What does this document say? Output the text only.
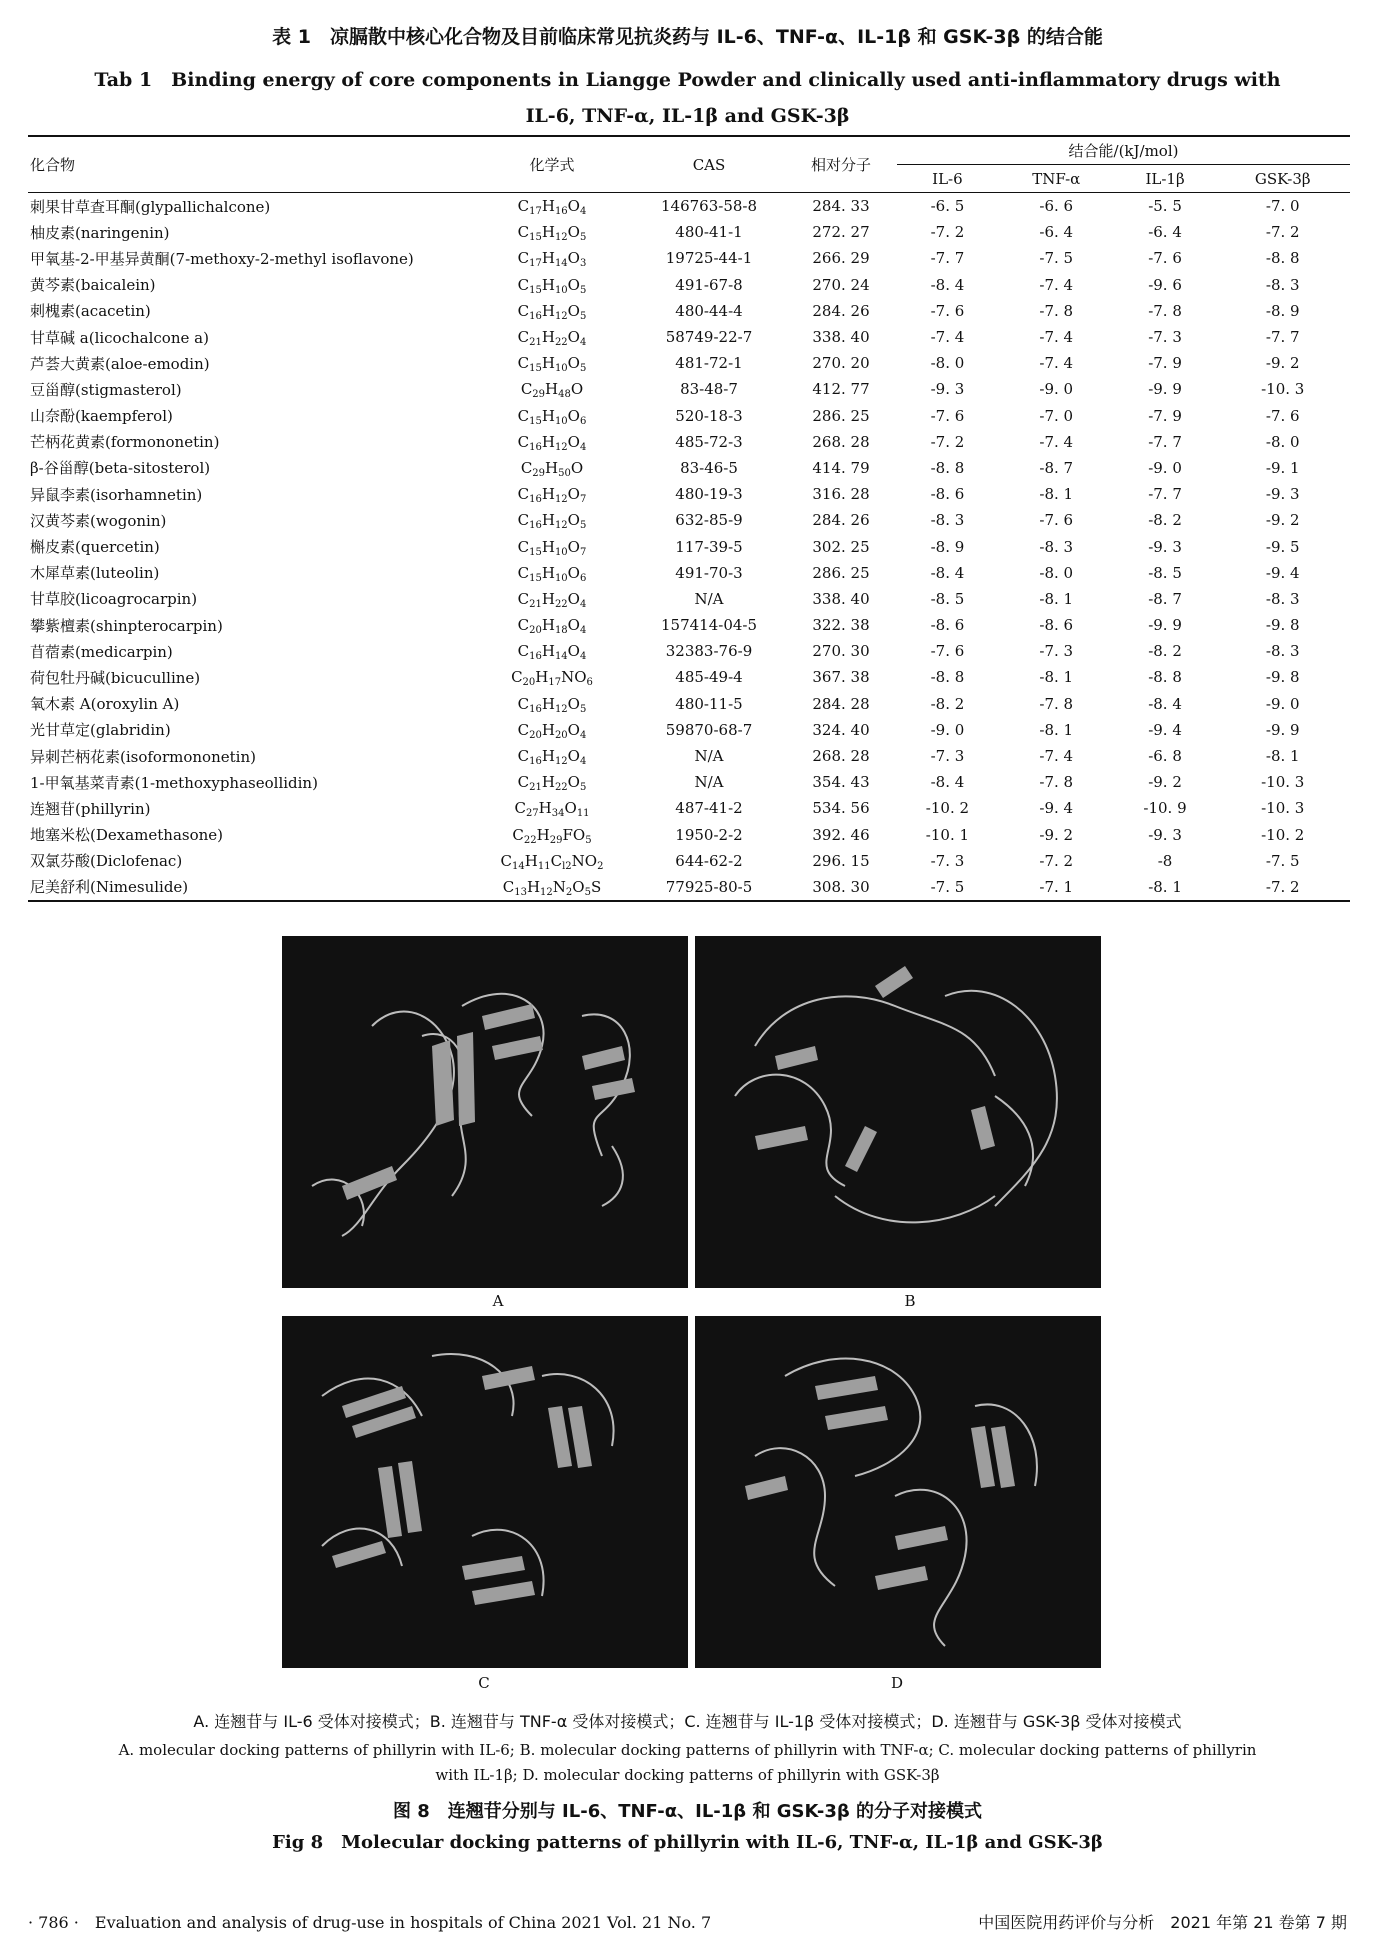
表 1　凉膈散中核心化合物及目前临床常见抗炎药与 IL-6、TNF-α、IL-1β 和 GSK-3β 的结合能
Tab 1　Binding energy of core components in Liangge Powder and clinically used anti-inflammatory drugs with
IL-6, TNF-α, IL-1β and GSK-3β
化合物	化学式	CAS	相对分子	结合能/(kJ/mol)			
				IL-6	TNF-α	IL-1β	GSK-3β
刺果甘草查耳酮(glypallichalcone)	$C_{17}H_{16}O_4$	146763-58-8	284. 33	-6. 5	-6. 6	-5. 5	-7. 0
柚皮素(naringenin)	$C_{15}H_{12}O_5$	480-41-1	272. 27	-7. 2	-6. 4	-6. 4	-7. 2
甲氧基-2-甲基异黄酮(7-methoxy-2-methyl isoflavone)	$C_{17}H_{14}O_3$	19725-44-1	266. 29	-7. 7	-7. 5	-7. 6	-8. 8
黄芩素(baicalein)	$C_{15}H_{10}O_5$	491-67-8	270. 24	-8. 4	-7. 4	-9. 6	-8. 3
刺槐素(acacetin)	$C_{16}H_{12}O_5$	480-44-4	284. 26	-7. 6	-7. 8	-7. 8	-8. 9
甘草碱 a(licochalcone a)	$C_{21}H_{22}O_4$	58749-22-7	338. 40	-7. 4	-7. 4	-7. 3	-7. 7
芦荟大黄素(aloe-emodin)	$C_{15}H_{10}O_5$	481-72-1	270. 20	-8. 0	-7. 4	-7. 9	-9. 2
豆甾醇(stigmasterol)	$C_{29}H_{48}O$	83-48-7	412. 77	-9. 3	-9. 0	-9. 9	-10. 3
山奈酚(kaempferol)	$C_{15}H_{10}O_6$	520-18-3	286. 25	-7. 6	-7. 0	-7. 9	-7. 6
芒柄花黄素(formononetin)	$C_{16}H_{12}O_4$	485-72-3	268. 28	-7. 2	-7. 4	-7. 7	-8. 0
β-谷甾醇(beta-sitosterol)	$C_{29}H_{50}O$	83-46-5	414. 79	-8. 8	-8. 7	-9. 0	-9. 1
异鼠李素(isorhamnetin)	$C_{16}H_{12}O_7$	480-19-3	316. 28	-8. 6	-8. 1	-7. 7	-9. 3
汉黄芩素(wogonin)	$C_{16}H_{12}O_5$	632-85-9	284. 26	-8. 3	-7. 6	-8. 2	-9. 2
槲皮素(quercetin)	$C_{15}H_{10}O_7$	117-39-5	302. 25	-8. 9	-8. 3	-9. 3	-9. 5
木犀草素(luteolin)	$C_{15}H_{10}O_6$	491-70-3	286. 25	-8. 4	-8. 0	-8. 5	-9. 4
甘草胶(licoagrocarpin)	$C_{21}H_{22}O_4$	N/A	338. 40	-8. 5	-8. 1	-8. 7	-8. 3
攀紫檀素(shinpterocarpin)	$C_{20}H_{18}O_4$	157414-04-5	322. 38	-8. 6	-8. 6	-9. 9	-9. 8
苜蓿素(medicarpin)	$C_{16}H_{14}O_4$	32383-76-9	270. 30	-7. 6	-7. 3	-8. 2	-8. 3
荷包牡丹碱(bicuculline)	$C_{20}H_{17}NO_6$	485-49-4	367. 38	-8. 8	-8. 1	-8. 8	-9. 8
氧木素 A(oroxylin A)	$C_{16}H_{12}O_5$	480-11-5	284. 28	-8. 2	-7. 8	-8. 4	-9. 0
光甘草定(glabridin)	$C_{20}H_{20}O_4$	59870-68-7	324. 40	-9. 0	-8. 1	-9. 4	-9. 9
异刺芒柄花素(isoformononetin)	$C_{16}H_{12}O_4$	N/A	268. 28	-7. 3	-7. 4	-6. 8	-8. 1
1-甲氧基菜青素(1-methoxyphaseollidin)	$C_{21}H_{22}O_5$	N/A	354. 43	-8. 4	-7. 8	-9. 2	-10. 3
连翘苷(phillyrin)	$C_{27}H_{34}O_{11}$	487-41-2	534. 56	-10. 2	-9. 4	-10. 9	-10. 3
地塞米松(Dexamethasone)	$C_{22}H_{29}FO_5$	1950-2-2	392. 46	-10. 1	-9. 2	-9. 3	-10. 2
双氯芬酸(Diclofenac)	$C_{14}H_{11}C_{l2}NO_2$	644-62-2	296. 15	-7. 3	-7. 2	-8	-7. 5
尼美舒利(Nimesulide)	$C_{13}H_{12}N_2O_5S$	77925-80-5	308. 30	-7. 5	-7. 1	-8. 1	-7. 2
A	B
C	D
A. 连翘苷与 IL-6 受体对接模式；B. 连翘苷与 TNF-α 受体对接模式；C. 连翘苷与 IL-1β 受体对接模式；D. 连翘苷与 GSK-3β 受体对接模式
A. molecular docking patterns of phillyrin with IL-6; B. molecular docking patterns of phillyrin with TNF-α; C. molecular docking patterns of phillyrin with IL-1β; D. molecular docking patterns of phillyrin with GSK-3β
图 8　连翘苷分别与 IL-6、TNF-α、IL-1β 和 GSK-3β 的分子对接模式
Fig 8　Molecular docking patterns of phillyrin with IL-6, TNF-α, IL-1β and GSK-3β
· 786 ·　Evaluation and analysis of drug-use in hospitals of China 2021 Vol. 21 No. 7	中国医院用药评价与分析　2021 年第 21 卷第 7 期
